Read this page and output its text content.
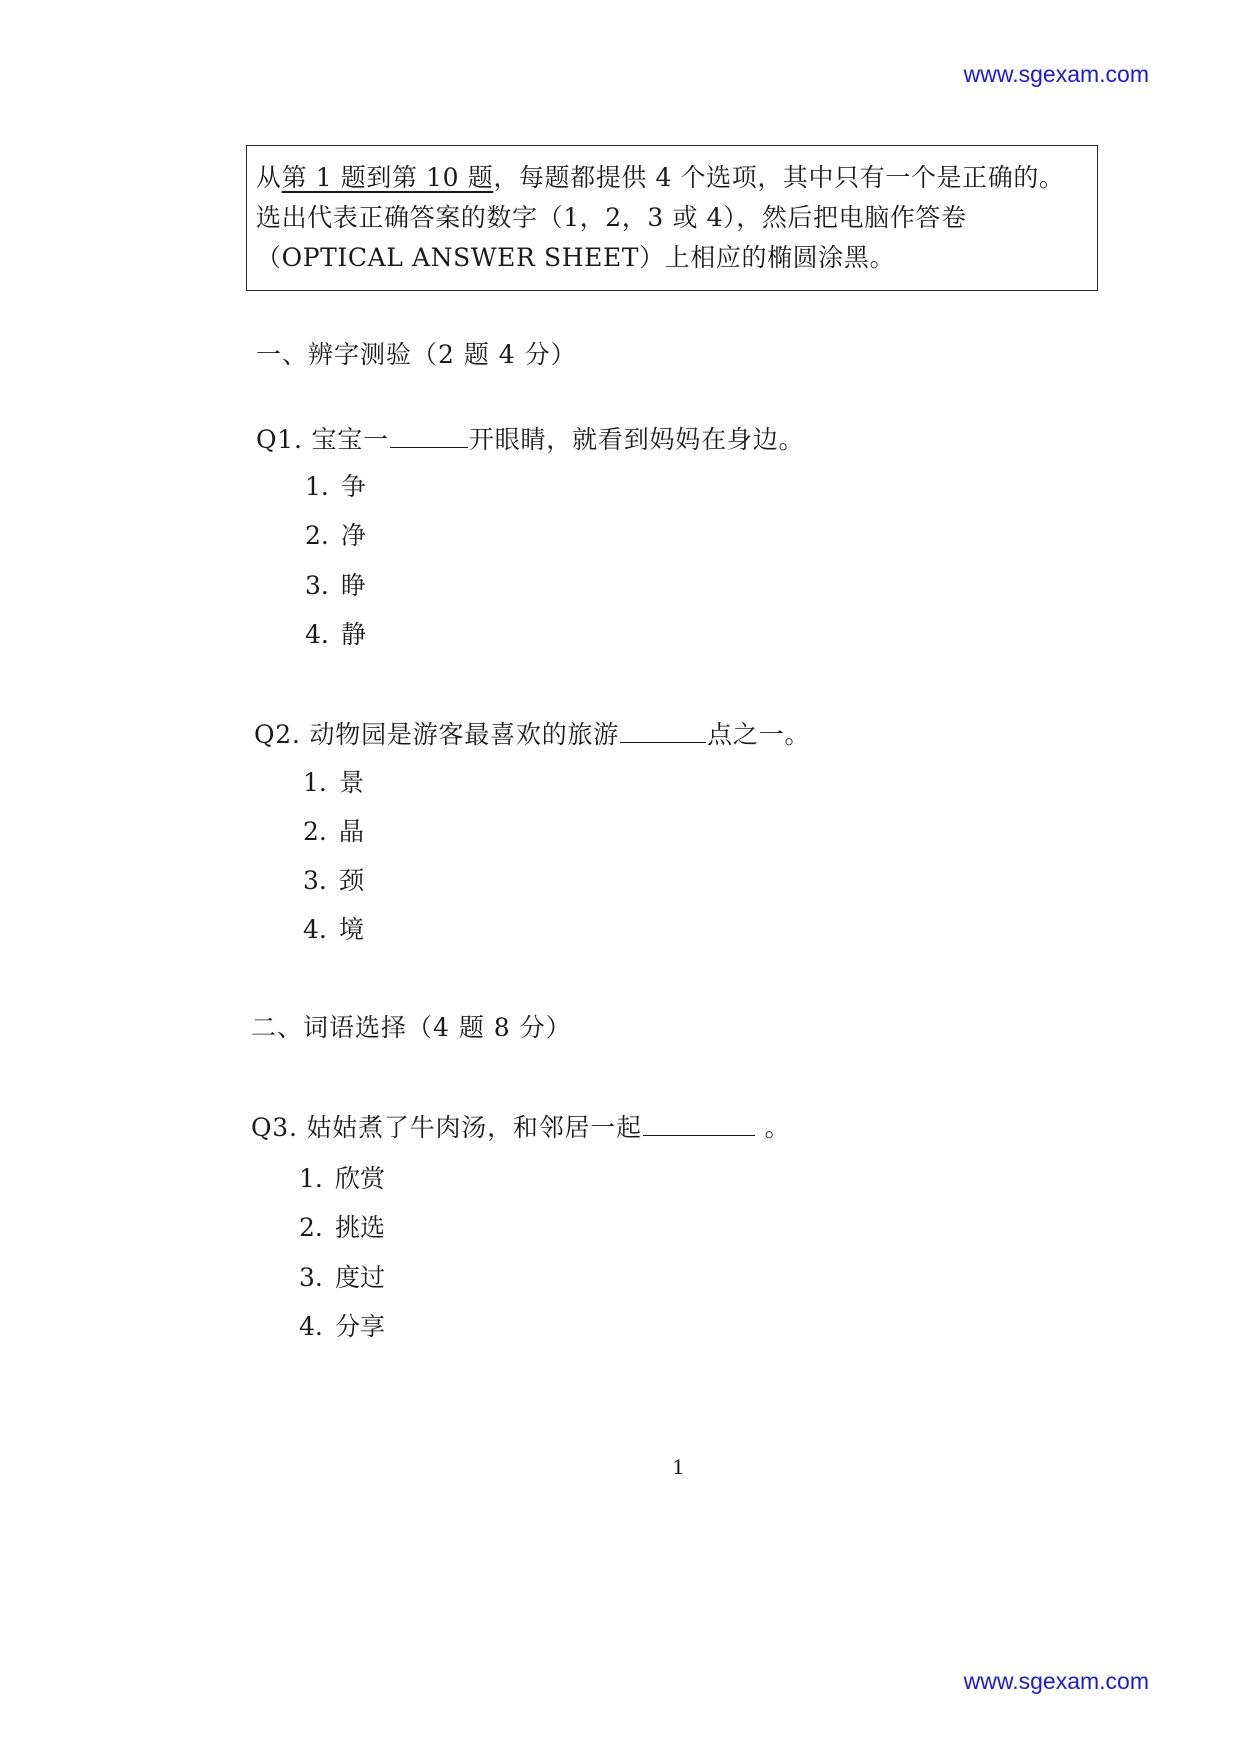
www.sgexam.com
从第 1 题到第 10 题，每题都提供 4 个选项，其中只有一个是正确的。选出代表正确答案的数字（1，2，3 或 4），然后把电脑作答卷（OPTICAL ANSWER SHEET）上相应的椭圆涂黑。
一、辨字测验（2 题 4 分）
Q1. 宝宝一	开眼睛，就看到妈妈在身边。
1. 争
2. 净
3. 睁
4. 静
Q2. 动物园是游客最喜欢的旅游	点之一。
1. 景
2. 晶
3. 颈
4. 境
二、词语选择（4 题 8 分）
Q3. 姑姑煮了牛肉汤，和邻居一起	。
1. 欣赏
2. 挑选
3. 度过
4. 分享
1
www.sgexam.com
